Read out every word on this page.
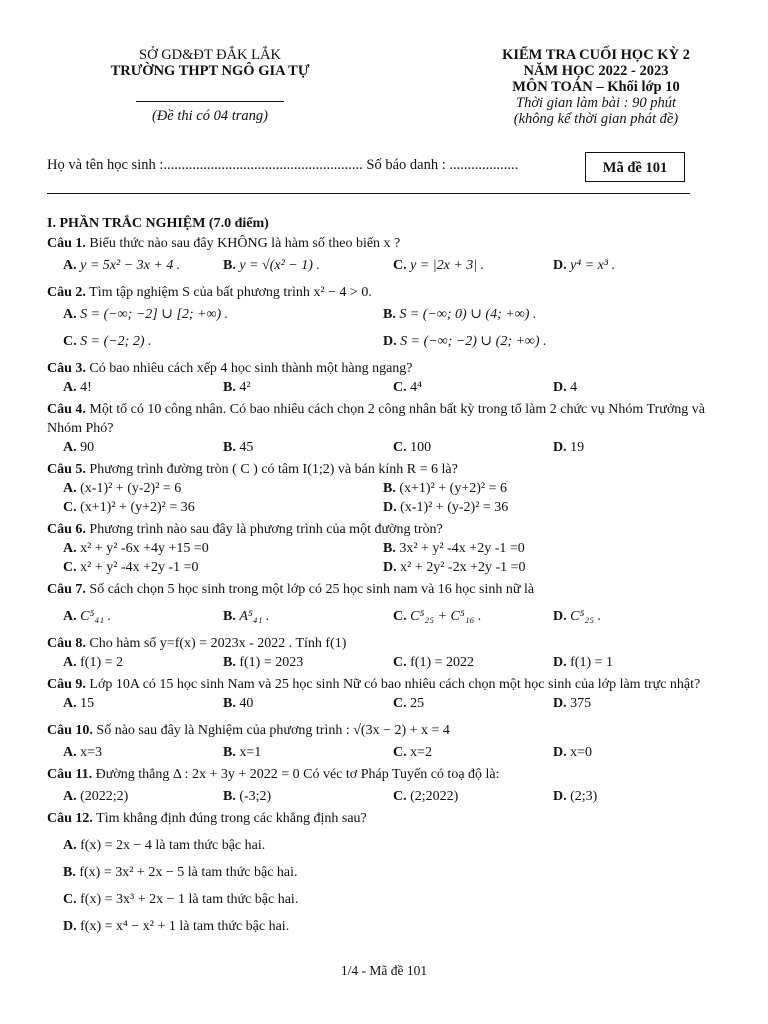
SỞ GD&ĐT ĐẮK LẮK
TRƯỜNG THPT NGÔ GIA TỰ
(Đề thi có 04 trang)
KIỂM TRA CUỐI HỌC KỲ 2
NĂM HỌC 2022 - 2023
MÔN TOÁN – Khối lớp 10
Thời gian làm bài : 90 phút
(không kể thời gian phát đề)
Họ và tên học sinh :....................................................... Số báo danh : ...................	Mã đề 101
I. PHẦN TRẮC NGHIỆM (7.0 điểm)
Câu 1. Biểu thức nào sau đây KHÔNG là hàm số theo biến x ?
A. y = 5x² − 3x + 4 .	B. y = √(x² − 1) .	C. y = |2x + 3| .	D. y⁴ = x³ .
Câu 2. Tìm tập nghiệm S của bất phương trình x² − 4 > 0.
A. S = (−∞; −2] ∪ [2; +∞) .	B. S = (−∞; 0) ∪ (4; +∞) .
C. S = (−2; 2) .	D. S = (−∞; −2) ∪ (2; +∞) .
Câu 3. Có bao nhiêu cách xếp 4 học sinh thành một hàng ngang?
A. 4!	B. 4²	C. 4⁴	D. 4
Câu 4. Một tổ có 10 công nhân. Có bao nhiêu cách chọn 2 công nhân bất kỳ trong tổ làm 2 chức vụ Nhóm Trưởng và Nhóm Phó?
A. 90	B. 45	C. 100	D. 19
Câu 5. Phương trình đường tròn ( C ) có tâm I(1;2) và bán kính R = 6 là?
A. (x-1)² + (y-2)² = 6	B. (x+1)² + (y+2)² = 6
C. (x+1)² + (y+2)² = 36	D. (x-1)² + (y-2)² = 36
Câu 6. Phương trình nào sau đây là phương trình của một đường tròn?
A. x² + y² -6x +4y +15 =0	B. 3x² + y² -4x +2y -1 =0
C. x² + y² -4x +2y -1 =0	D. x² + 2y² -2x +2y -1 =0
Câu 7. Số cách chọn 5 học sinh trong một lớp có 25 học sinh nam và 16 học sinh nữ là
A. C⁵₄₁ .	B. A⁵₄₁ .	C. C⁵₂₅ + C⁵₁₆ .	D. C⁵₂₅ .
Câu 8. Cho hàm số y=f(x) = 2023x - 2022 . Tính f(1)
A. f(1) = 2	B. f(1) = 2023	C. f(1) = 2022	D. f(1) = 1
Câu 9. Lớp 10A có 15 học sinh Nam và 25 học sinh Nữ có bao nhiêu cách chọn một học sinh của lớp làm trực nhật?
A. 15	B. 40	C. 25	D. 375
Câu 10. Số nào sau đây là Nghiệm của phương trình : √(3x − 2) + x = 4
A. x=3	B. x=1	C. x=2	D. x=0
Câu 11. Đường thẳng Δ : 2x + 3y + 2022 = 0 Có véc tơ Pháp Tuyến có toạ độ là:
A. (2022;2)	B. (-3;2)	C. (2;2022)	D. (2;3)
Câu 12. Tìm khẳng định đúng trong các khẳng định sau?
A. f(x) = 2x − 4 là tam thức bậc hai.
B. f(x) = 3x² + 2x − 5 là tam thức bậc hai.
C. f(x) = 3x³ + 2x − 1 là tam thức bậc hai.
D. f(x) = x⁴ − x² + 1 là tam thức bậc hai.
1/4 - Mã đề 101
